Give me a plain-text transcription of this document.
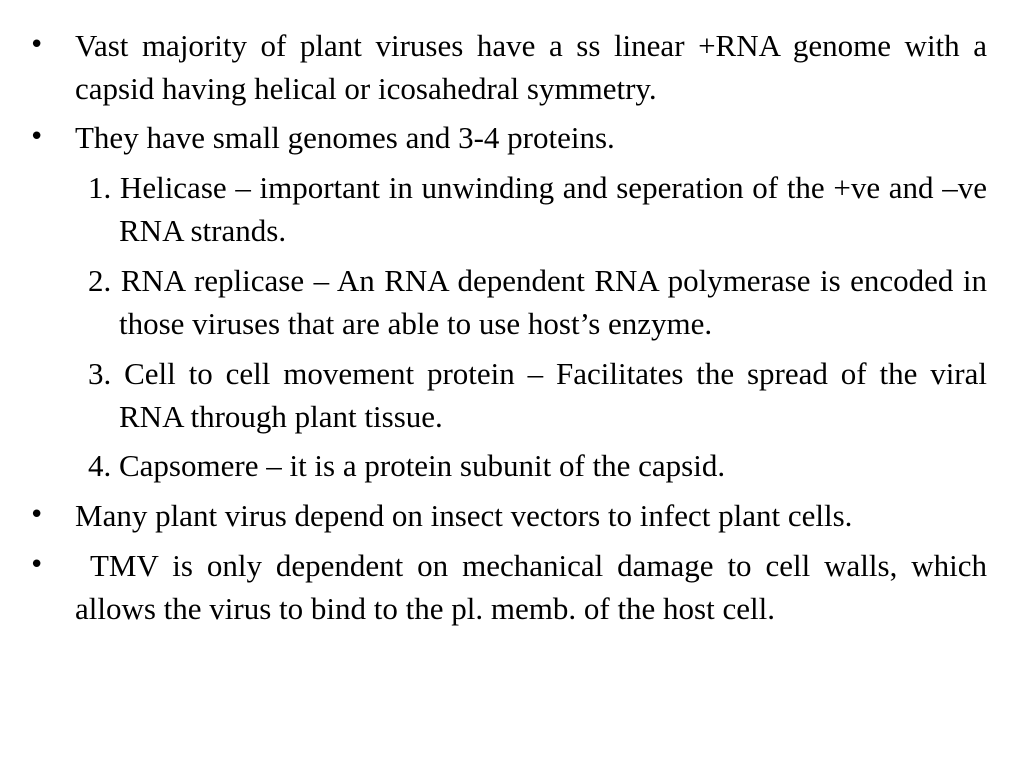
• Vast majority of plant viruses have a ss linear +RNA genome with a capsid having helical or icosahedral symmetry.
• They have small genomes and 3-4 proteins.
1. Helicase – important in unwinding and seperation of the +ve and –ve RNA strands.
2. RNA replicase – An RNA dependent RNA polymerase is encoded in those viruses that are able to use host’s enzyme.
3. Cell to cell movement protein – Facilitates the spread of the viral RNA through plant tissue.
4. Capsomere – it is a protein subunit of the capsid.
• Many plant virus depend on insect vectors to infect plant cells.
• TMV is only dependent on mechanical damage to cell walls, which allows the virus to bind to the pl. memb. of the host cell.
